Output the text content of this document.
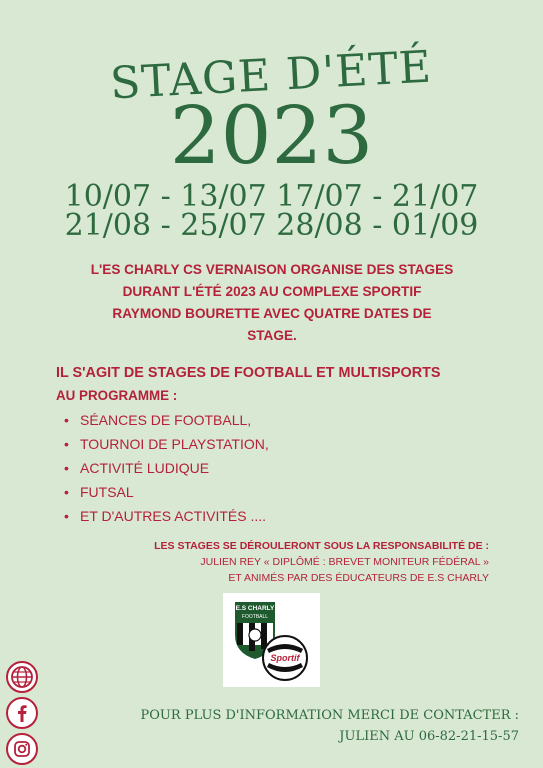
STAGE D'ÉTÉ
2023
10/07 - 13/07 17/07 - 21/07
21/08 - 25/07 28/08 - 01/09
L'ES CHARLY CS VERNAISON ORGANISE DES STAGES
DURANT L'ÉTÉ 2023 AU COMPLEXE SPORTIF
RAYMOND BOURETTE AVEC QUATRE DATES DE
STAGE.
IL S'AGIT DE STAGES DE FOOTBALL ET MULTISPORTS
AU PROGRAMME :
• SÉANCES DE FOOTBALL,
• TOURNOI DE PLAYSTATION,
• ACTIVITÉ LUDIQUE
• FUTSAL
• ET D'AUTRES ACTIVITÉS ....
LES STAGES SE DÉROULERONT SOUS LA RESPONSABILITÉ DE :
JULIEN REY « DIPLÔMÉ : BREVET MONITEUR FÉDÉRAL »
ET ANIMÉS PAR DES ÉDUCATEURS DE E.S CHARLY
E.S CHARLY
FOOTBALL
Sportif
POUR PLUS D'INFORMATION MERCI DE CONTACTER :
JULIEN AU 06-82-21-15-57
